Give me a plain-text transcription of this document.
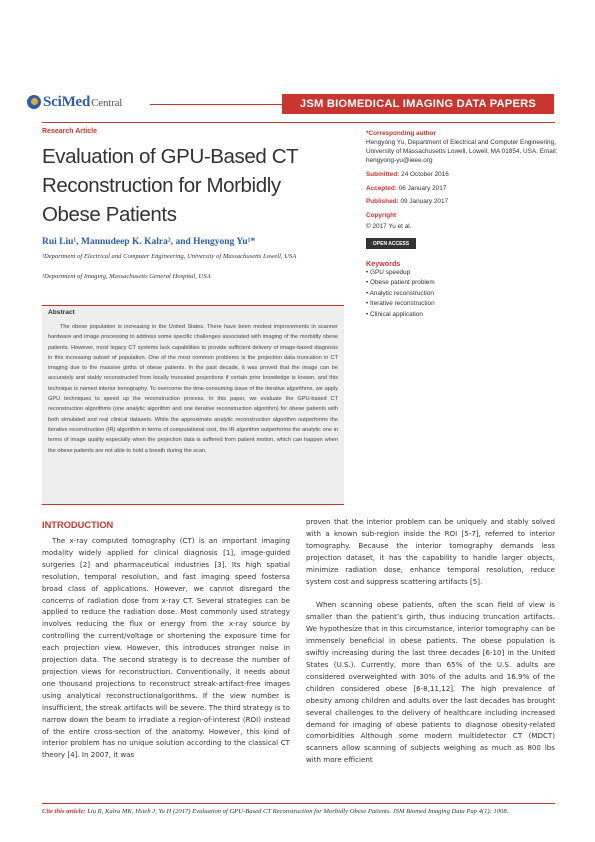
SciMedCentral	JSM BIOMEDICAL IMAGING DATA PAPERS
Research Article
Evaluation of GPU-Based CT Reconstruction for Morbidly Obese Patients
Rui Liu¹, Mannudeep K. Kalra², and Hengyong Yu¹*
¹Department of Electrical and Computer Engineering, University of Massachusetts Lowell, USA
²Department of Imaging, Massachusetts General Hospital, USA
*Corresponding author
Hengyong Yu, Department of Electrical and Computer Engineering, University of Massachusetts Lowell, Lowell, MA 01854, USA, Email: hengyong-yu@ieee.org
Submitted: 24 October 2016
Accepted: 06 January 2017
Published: 09 January 2017
Copyright
© 2017 Yu et al.
OPEN ACCESS
Keywords
• GPU speedup
• Obese patient problem
• Analytic reconstruction
• Iterative reconstruction
• Clinical application
Abstract
The obese population is increasing in the United States. There have been modest improvements in scanner hardware and image processing to address some specific challenges associated with imaging of the morbidly obese patients. However, most legacy CT systems lack capabilities to provide sufficient delivery of image-based diagnosis in this increasing subset of population. One of the most common problems is the projection data truncation in CT imaging due to the massive girths of obese patients. In the past decade, it was proved that the image can be accurately and stably reconstructed from locally truncated projections if certain prior knowledge is known, and this technique is named interior tomography. To overcome the time-consuming issue of the iterative algorithms, we apply GPU techniques to speed up the reconstruction process. In this paper, we evaluate the GPU-based CT reconstruction algorithms (one analytic algorithm and one iterative reconstruction algorithm) for obese patients with both simulated and real clinical datasets. While the approximate analytic reconstruction algorithm outperforms the iterative reconstruction (IR) algorithm in terms of computational cost, the IR algorithm outperforms the analytic one in terms of image quality especially when the projection data is suffered from patient motion, which can happen when the obese patients are not able to hold a breath during the scan.
INTRODUCTION

The x-ray computed tomography (CT) is an important imaging modality widely applied for clinical diagnosis [1], image-guided surgeries [2] and pharmaceutical industries [3]. Its high spatial resolution, temporal resolution, and fast imaging speed fostersa broad class of applications. However, we cannot disregard the concerns of radiation dose from x-ray CT. Several strategies can be applied to reduce the radiation dose. Most commonly used strategy involves reducing the flux or energy from the x-ray source by controlling the current/voltage or shortening the exposure time for each projection view. However, this introduces stronger noise in projection data. The second strategy is to decrease the number of projection views for reconstruction. Conventionally, it needs about one thousand projections to reconstruct streak-artifact-free images using analytical reconstructionalgorithms. If the view number is insufficient, the streak artifacts will be severe. The third strategy is to narrow down the beam to irradiate a region-of-interest (ROI) instead of the entire cross-section of the anatomy. However, this kind of interior problem has no unique solution according to the classical CT theory [4]. In 2007, it was

proven that the interior problem can be uniquely and stably solved with a known sub-region inside the ROI [5-7], referred to interior tomography. Because the interior tomography demands less projection dataset, it has the capability to handle larger objects, minimize radiation dose, enhance temporal resolution, reduce system cost and suppress scattering artifacts [5].

When scanning obese patients, often the scan field of view is smaller than the patient’s girth, thus inducing truncation artifacts. We hypothesize that in this circumstance, interior tomography can be immensely beneficial in obese patients. The obese population is swiftly increasing during the last three decades [6-10] in the United States (U.S.). Currently, more than 65% of the U.S. adults are considered overweighted with 30% of the adults and 16.9% of the children considered obese [6-8,11,12]. The high prevalence of obesity among children and adults over the last decades has brought several challenges to the delivery of healthcare including increased demand for imaging of obese patients to diagnose obesity-related comorbidities Although some modern multidetector CT (MDCT) scanners allow scanning of subjects weighing as much as 800 lbs with more efficient

Cite this article: Liu R, Kalra MK, Hsieh J, Yu H (2017) Evaluation of GPU-Based CT Reconstruction for Morbidly Obese Patients. JSM Biomed Imaging Data Pap 4(1): 1008.
